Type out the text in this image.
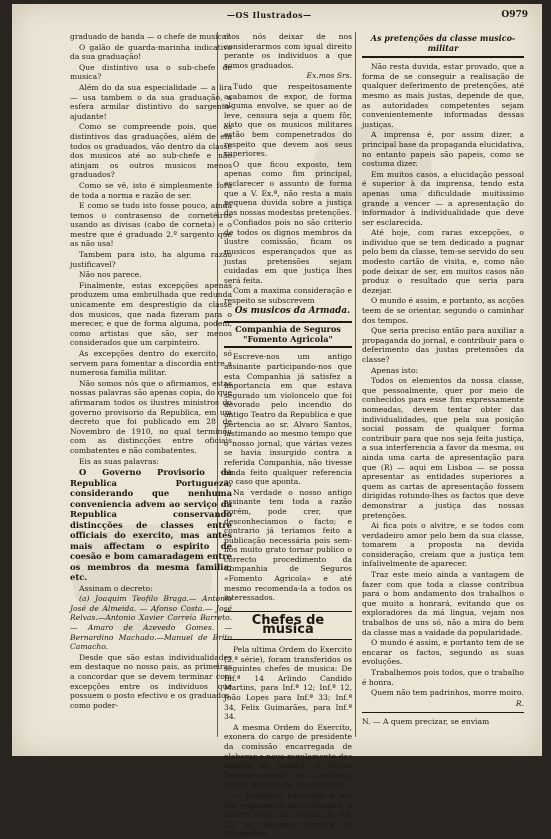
—OS Ilustrados—	O979

graduado de banda — o chefe de musica?

O galão de guarda-marinha indicativo da sua graduação!

Que distintivo usa o sub-chefe de musica?

Além do da sua especialidade — a lira — usa tambem o da sua graduação, a esfera armilar distintivo do sargento-ajudante!

Como se compreende pois, que os distintivos das graduações, além de em todos os graduados, vão dentro da classe dos musicos até ao sub-chefe e não atinjam os outros musicos menos graduados?

Como se vê, isto é simplesmente fora de toda a norma e razão de ser.

E como se tudo isto fosse pouco, ainda temos o contrasenso de cornetéiros usando as divisas (cabo de corneta) e o mestre que é graduado 2.º sargento que as não usa!

Tambem para isto, ha alguma razão justificavel?

Não nos parece.

Finalmente, estas excepções apenas produzem uma embrulhada que redunda unicamente em desprestigio da classe dos musicos, que nada fizeram para o merecer, e que de forma alguma, podem, como artistas que são, ser menos considerados que um carpinteiro.

As excepções dentro do exercito, só servem para fomentar a discordia entre a numerosa familia militar.

Não somos nós que o afirmamos, estas nossas palavras são apenas copia, do que afirmaram todos os ilustres ministros do governo provisorio da Republica, em um decreto que foi publicado em 28 de Novembro de 1910, no qual terminou com as distincções entre oficiais combatentes e não combatentes.

Eis as suas palavras:

O Governo Provisorio da Republica Portugueza, considerando que nenhuma conveniencia advem ao serviço da Republica conservando distincções de classes entre officiais do exercito, mas antes mais affectam o espirito de coesão e bom camaradagem entre os membros da mesma familia; etc.

Assinam o decreto:

(a) Joaquim Teofilo Braga.— Antonio José de Almeida. — Afonso Costa.— José Relvas.—Antonio Xavier Correia Barreto. — Amaro de Azevedo Gomes. — Bernardino Machado.—Manuel de Brito Camacho.

Desde que são estas individualidades em destaque no nosso pais, as primeiras a concordar que se devem terminar com excepções entre os individuos que possuem o posto efectivo e os graduados, como poder-

mos nós deixar de nos considerarmos com igual direito perante os individuos a que somos graduados.

Ex.mos Srs.

Tudo que respeitosamente acabamos de expor, de forma alguma envolve, se quer ao de leve, censura seja a quem fôr, visto que os musicos militares estão bem compenetrados do respeito que devem aos seus superiores.

O que ficou exposto, tem apenas como fim principal, esclarecer o assunto de forma que a V. Ex.ª, não resta a mais pequena duvida sobre a justiça das nossas modestas pretenções.

Confiados pois no são criterio de todos os dignos membros da ilustre comissão, ficam os musicos esperançados que as justas pretensões sejam cuidadas em que justiça lhes será feita.

Com a maxima consideração e respeito se subscrevem

Os musicos da Armada.

Companhia de Seguros "Fomento Agricola"

Escreve-nos um antigo assinante participando-nos que esta Companhia já satisfez a importancia em que estava segurado um violoncelo que foi devorado pelo incendio do antigo Teatro da Republica e que pertencia ao sr. Alvaro Santos, lastimando ao mesmo tempo que o nosso jornal, que várias vezes se havia insurgido contra a referida Companhia, não tivesse ainda feito qualquer referencia ao caso que aponta.

Na verdade o nosso antigo assinante tem toda a razão porém, pode crer, que desconheciamos o facto; e contrario já teriamos feito a publicação necessária pois sem-nos muito grato tornar publico o correcto procedimento da Companhia de Seguros «Fomento Agricola» e até mesmo recomenda-la a todos os interessados.

Chefes de musica

Pela ultima Ordem do Exercito (2.ª série), foram transferidos os seguintes chefes de musica: De Inf.ª 14 Arlindo Candido Martins, para Inf.ª 12; Inf.ª 12, João Lopes para Inf.ª 33; Inf.ª 34, Felix Guimarães, para Inf.ª 34.

A mesma Ordem do Exercito, exonera do cargo de presidente da comissão encarregada de elaborar o novo regulamento das bandas de musica, o Ex.mo Tenente-coronel de cavalaria, Carlos Botelho de Vasconcelos.

— Requereu passagem a um dos regimentos do continente, o ilustre chefe de musica de Inf. 26, sr. Salvador Pereira de Guimarães.

As pretenções da classe musico-militar

Não resta duvida, estar provado, que a forma de se conseguir a realisação de qualquer deferimento de pretenções, até mesmo as mais justas, depende de que, as autoridades competentes sejam convenientemente informadas dessas justiças.

A imprensa é, por assim dizer, a principal base da propaganda elucidativa, no entanto papeis são papeis, como se costuma dizer.

Em muitos casos, a elucidação pessoal é superior à da imprensa, tendo esta apenas uma dificuldade muitissimo grande a vencer — a apresentação do informador à individualidade que deve ser esclarecida.

Até hoje, com raras excepções, o individuo que se tem dedicado a pugnar pelo bem da classe, tem-se servido do seu modesto cartão de visita, e, como não pode deixar de ser, em muitos casos não produz o resultado que seria para dezejar.

O mundo é assim, e portanto, as acções teem de se orientar, segundo o caminhar dos tempos.

Que seria preciso então para auxiliar a propaganda do jornal, e contribuir para o deferimento das justas pretensões da classe?

Apenas isto:

Todos os elementos da nossa classe, que pessoalmente, quer por meio de conhecidos para esse fim expressamente nomeadas, devem tentar obter das individualidades, que pela sua posição social possam de qualquer forma contribuir para que nos seja feita justiça, a sua interferencia a favor da mesma, ou ainda uma carta de apresentação para que (R) — aqui em Lisboa — se possa apresentar as entidades superiores a quem as cartas de apresentação fossem dirigidas rotundo-lhes os factos que deve demonstrar a justiça das nossas pretenções.

Ai fica pois o alvitre, e se todos com verdadeiro amor pelo bem da sua classe, tomarem a proposta na devida consideração, creiam que a justiça tem infalivelmente de aparecer.

Traz este meio ainda a vantagem de fazer com que toda a classe contribua para o bom andamento dos trabalhos o que muito a honrará, evitando que os exploradores da má lingua, vejam nos trabalhos de uns só, não a mira do bem da classe mas a vaidade da popularidade.

O mundo é assim, e portanto tem de se encarar os factos, segundo as suas evoluções.

Trabalhemos pois todos, que o trabalho é honra.

Quem não tem padrinhos, morre moiro.

R.

N. — A quem precizar, se enviam
